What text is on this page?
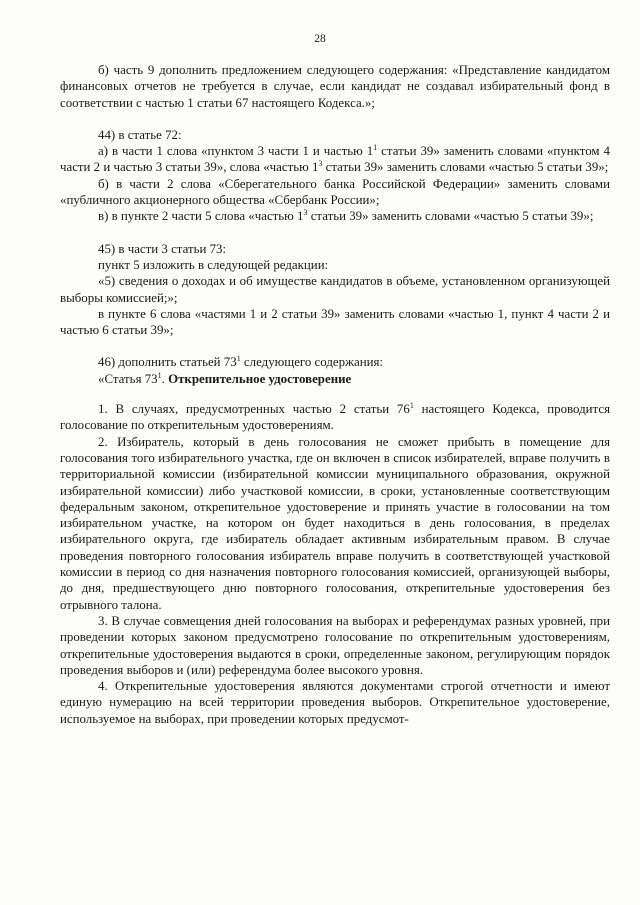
28

б) часть 9 дополнить предложением следующего содержания: «Представление кандидатом финансовых отчетов не требуется в случае, если кандидат не создавал избирательный фонд в соответствии с частью 1 статьи 67 настоящего Кодекса.»;

44) в статье 72:

а) в части 1 слова «пунктом 3 части 1 и частью $1^1$ статьи 39» заменить словами «пунктом 4 части 2 и частью 3 статьи 39», слова «частью $1^3$ статьи 39» заменить словами «частью 5 статьи 39»;

б) в части 2 слова «Сберегательного банка Российской Федерации» заменить словами «публичного акционерного общества «Сбербанк России»;

в) в пункте 2 части 5 слова «частью $1^3$ статьи 39» заменить словами «частью 5 статьи 39»;

45) в части 3 статьи 73:

пункт 5 изложить в следующей редакции:

«5) сведения о доходах и об имуществе кандидатов в объеме, установленном организующей выборы комиссией;»;

в пункте 6 слова «частями 1 и 2 статьи 39» заменить словами «частью 1, пункт 4 части 2 и частью 6 статьи 39»;

46) дополнить статьей $73^1$ следующего содержания:

«Статья $73^1$. Открепительное удостоверение

1. В случаях, предусмотренных частью 2 статьи $76^1$ настоящего Кодекса, проводится голосование по открепительным удостоверениям.

2. Избиратель, который в день голосования не сможет прибыть в помещение для голосования того избирательного участка, где он включен в список избирателей, вправе получить в территориальной комиссии (избирательной комиссии муниципального образования, окружной избирательной комиссии) либо участковой комиссии, в сроки, установленные соответствующим федеральным законом, открепительное удостоверение и принять участие в голосовании на том избирательном участке, на котором он будет находиться в день голосования, в пределах избирательного округа, где избиратель обладает активным избирательным правом. В случае проведения повторного голосования избиратель вправе получить в соответствующей участковой комиссии в период со дня назначения повторного голосования комиссией, организующей выборы, до дня, предшествующего дню повторного голосования, открепительные удостоверения без отрывного талона.

3. В случае совмещения дней голосования на выборах и референдумах разных уровней, при проведении которых законом предусмотрено голосование по открепительным удостоверениям, открепительные удостоверения выдаются в сроки, определенные законом, регулирующим порядок проведения выборов и (или) референдума более высокого уровня.

4. Открепительные удостоверения являются документами строгой отчетности и имеют единую нумерацию на всей территории проведения выборов. Открепительное удостоверение, используемое на выборах, при проведении которых предусмот-
